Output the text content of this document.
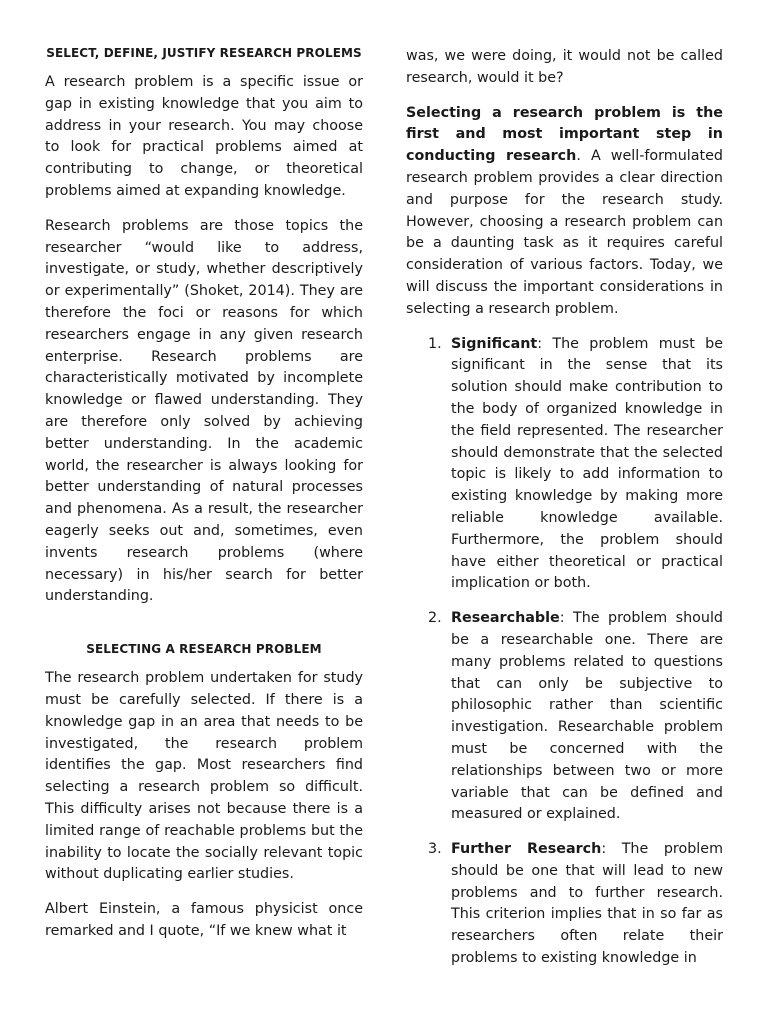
SELECT, DEFINE, JUSTIFY RESEARCH PROLEMS

A research problem is a specific issue or gap in existing knowledge that you aim to address in your research. You may choose to look for practical problems aimed at contributing to change, or theoretical problems aimed at expanding knowledge.

Research problems are those topics the researcher “would like to address, investigate, or study, whether descriptively or experimentally” (Shoket, 2014). They are therefore the foci or reasons for which researchers engage in any given research enterprise. Research problems are characteristically motivated by incomplete knowledge or flawed understanding. They are therefore only solved by achieving better understanding. In the academic world, the researcher is always looking for better understanding of natural processes and phenomena. As a result, the researcher eagerly seeks out and, sometimes, even invents research problems (where necessary) in his/her search for better understanding.

SELECTING A RESEARCH PROBLEM

The research problem undertaken for study must be carefully selected. If there is a knowledge gap in an area that needs to be investigated, the research problem identifies the gap. Most researchers find selecting a research problem so difficult. This difficulty arises not because there is a limited range of reachable problems but the inability to locate the socially relevant topic without duplicating earlier studies.

Albert Einstein, a famous physicist once remarked and I quote, “If we knew what it

was, we were doing, it would not be called research, would it be?

Selecting a research problem is the first and most important step in conducting research. A well-formulated research problem provides a clear direction and purpose for the research study. However, choosing a research problem can be a daunting task as it requires careful consideration of various factors. Today, we will discuss the important considerations in selecting a research problem.

1. Significant: The problem must be significant in the sense that its solution should make contribution to the body of organized knowledge in the field represented. The researcher should demonstrate that the selected topic is likely to add information to existing knowledge by making more reliable knowledge available. Furthermore, the problem should have either theoretical or practical implication or both.
2. Researchable: The problem should be a researchable one. There are many problems related to questions that can only be subjective to philosophic rather than scientific investigation. Researchable problem must be concerned with the relationships between two or more variable that can be defined and measured or explained.
3. Further Research: The problem should be one that will lead to new problems and to further research. This criterion implies that in so far as researchers often relate their problems to existing knowledge in
